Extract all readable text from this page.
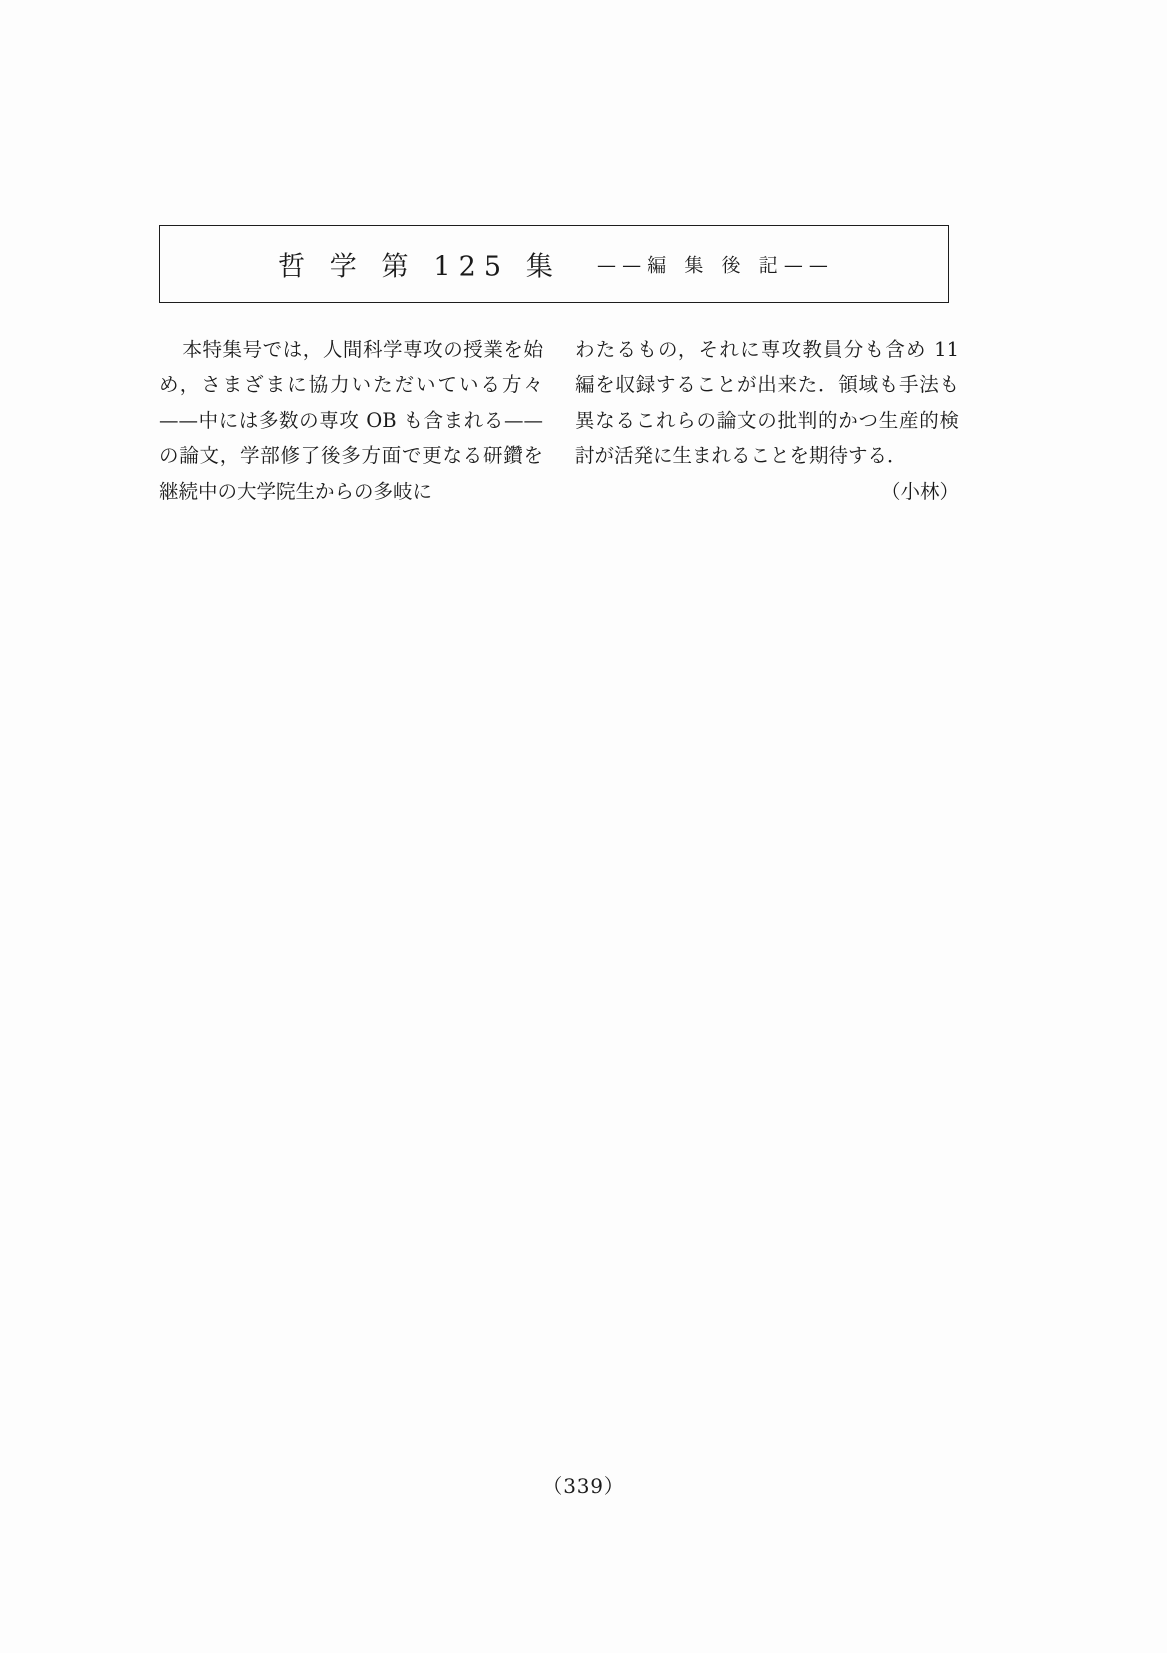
哲 学 第 125 集 ——編 集 後 記——

本特集号では，人間科学専攻の授業を始め，さまざまに協力いただいている方々——中には多数の専攻 OB も含まれる——の論文，学部修了後多方面で更なる研鑽を継続中の大学院生からの多岐に

わたるもの，それに専攻教員分も含め 11 編を収録することが出来た．領域も手法も異なるこれらの論文の批判的かつ生産的検討が活発に生まれることを期待する．

（小林）
（339）
